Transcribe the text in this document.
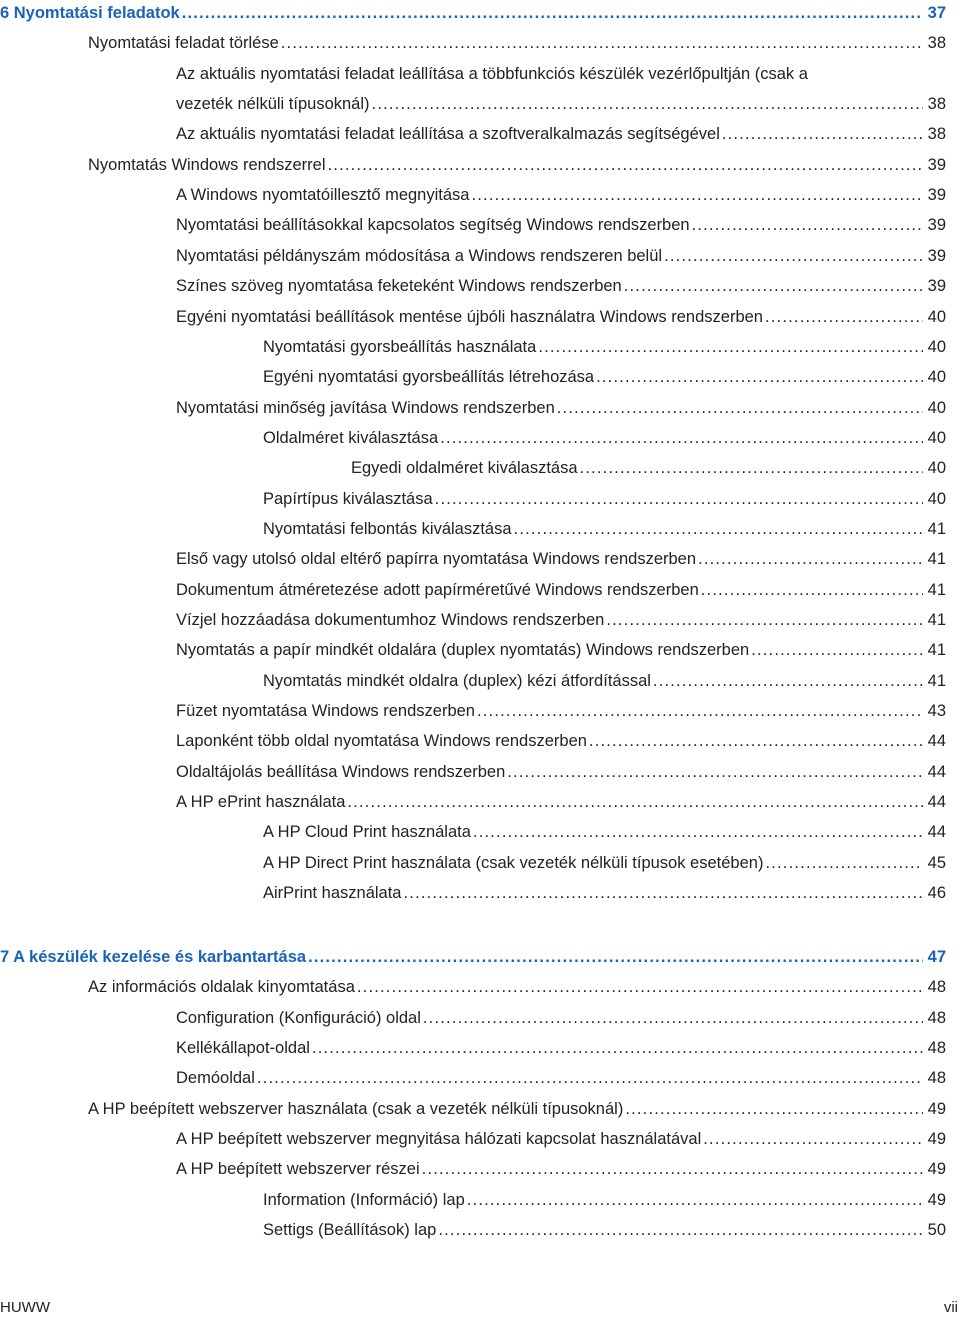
6 Nyomtatási feladatok .....	37
Nyomtatási feladat törlése .....	38
Az aktuális nyomtatási feladat leállítása a többfunkciós készülék vezérlőpultján (csak a
vezeték nélküli típusoknál) .....	38
Az aktuális nyomtatási feladat leállítása a szoftveralkalmazás segítségével .....	38
Nyomtatás Windows rendszerrel .....	39
A Windows nyomtatóillesztő megnyitása .....	39
Nyomtatási beállításokkal kapcsolatos segítség Windows rendszerben .....	39
Nyomtatási példányszám módosítása a Windows rendszeren belül .....	39
Színes szöveg nyomtatása feketeként Windows rendszerben .....	39
Egyéni nyomtatási beállítások mentése újbóli használatra Windows rendszerben .....	40
Nyomtatási gyorsbeállítás használata .....	40
Egyéni nyomtatási gyorsbeállítás létrehozása .....	40
Nyomtatási minőség javítása Windows rendszerben .....	40
Oldalméret kiválasztása .....	40
Egyedi oldalméret kiválasztása .....	40
Papírtípus kiválasztása .....	40
Nyomtatási felbontás kiválasztása .....	41
Első vagy utolsó oldal eltérő papírra nyomtatása Windows rendszerben .....	41
Dokumentum átméretezése adott papírméretűvé Windows rendszerben .....	41
Vízjel hozzáadása dokumentumhoz Windows rendszerben .....	41
Nyomtatás a papír mindkét oldalára (duplex nyomtatás) Windows rendszerben .....	41
Nyomtatás mindkét oldalra (duplex) kézi átfordítással .....	41
Füzet nyomtatása Windows rendszerben .....	43
Laponként több oldal nyomtatása Windows rendszerben .....	44
Oldaltájolás beállítása Windows rendszerben .....	44
A HP ePrint használata .....	44
A HP Cloud Print használata .....	44
A HP Direct Print használata (csak vezeték nélküli típusok esetében) .....	45
AirPrint használata .....	46
7 A készülék kezelése és karbantartása .....	47
Az információs oldalak kinyomtatása .....	48
Configuration (Konfiguráció) oldal .....	48
Kellékállapot-oldal .....	48
Demóoldal .....	48
A HP beépített webszerver használata (csak a vezeték nélküli típusoknál) .....	49
A HP beépített webszerver megnyitása hálózati kapcsolat használatával .....	49
A HP beépített webszerver részei .....	49
Information (Információ) lap .....	49
Settigs (Beállítások) lap .....	50
HUWW	vii
